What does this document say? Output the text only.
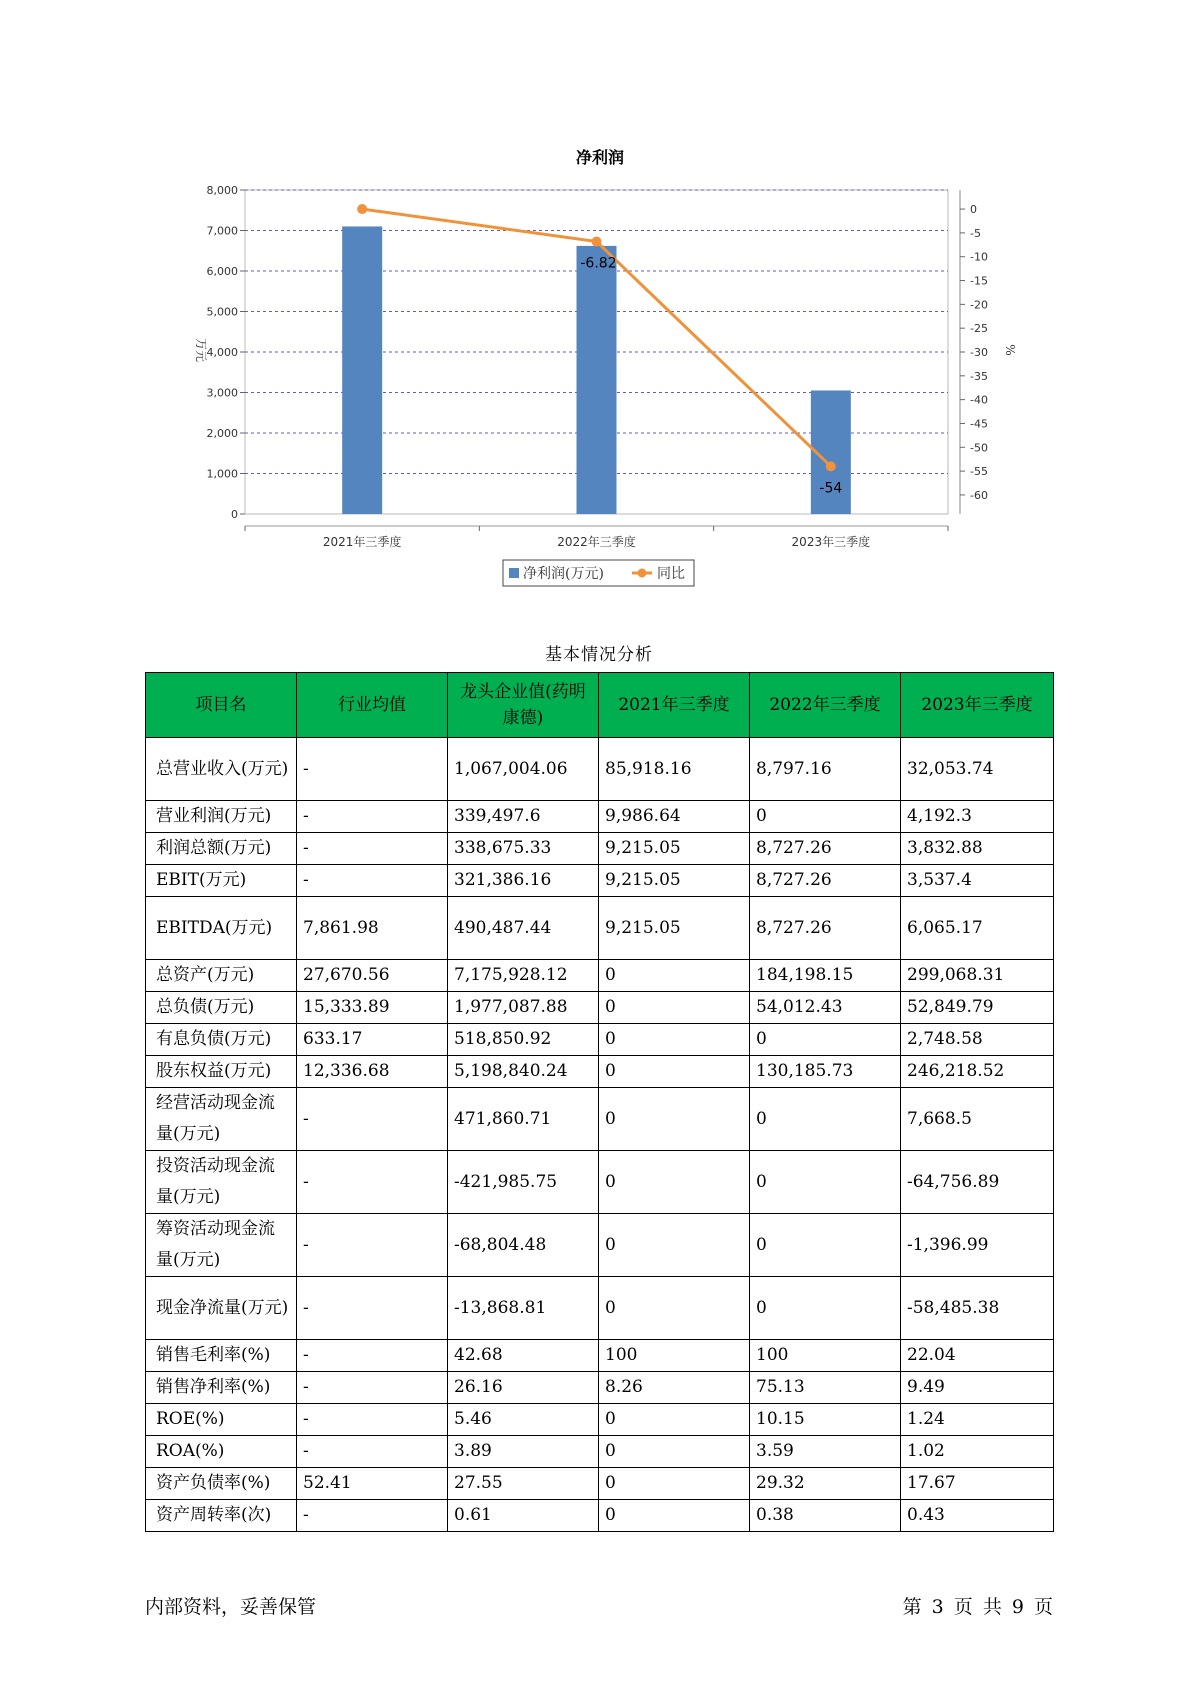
净利润
0
1,000
2,000
3,000
4,000
5,000
6,000
7,000
8,000
0
-5
-10
-15
-20
-25
-30
-35
-40
-45
-50
-55
-60
2021年三季度	2022年三季度	2023年三季度
-6.82
-54
万元	%
净利润(万元)	同比
基本情况分析
项目名	行业均值	龙头企业值(药明康德)	2021年三季度	2022年三季度	2023年三季度
总营业收入(万元)	-	1,067,004.06	85,918.16	8,797.16	32,053.74
营业利润(万元)	-	339,497.6	9,986.64	0	4,192.3
利润总额(万元)	-	338,675.33	9,215.05	8,727.26	3,832.88
EBIT(万元)	-	321,386.16	9,215.05	8,727.26	3,537.4
EBITDA(万元)	7,861.98	490,487.44	9,215.05	8,727.26	6,065.17
总资产(万元)	27,670.56	7,175,928.12	0	184,198.15	299,068.31
总负债(万元)	15,333.89	1,977,087.88	0	54,012.43	52,849.79
有息负债(万元)	633.17	518,850.92	0	0	2,748.58
股东权益(万元)	12,336.68	5,198,840.24	0	130,185.73	246,218.52
经营活动现金流量(万元)	-	471,860.71	0	0	7,668.5
投资活动现金流量(万元)	-	-421,985.75	0	0	-64,756.89
筹资活动现金流量(万元)	-	-68,804.48	0	0	-1,396.99
现金净流量(万元)	-	-13,868.81	0	0	-58,485.38
销售毛利率(%)	-	42.68	100	100	22.04
销售净利率(%)	-	26.16	8.26	75.13	9.49
ROE(%)	-	5.46	0	10.15	1.24
ROA(%)	-	3.89	0	3.59	1.02
资产负债率(%)	52.41	27.55	0	29.32	17.67
资产周转率(次)	-	0.61	0	0.38	0.43
内部资料，妥善保管	第 3 页 共 9 页
